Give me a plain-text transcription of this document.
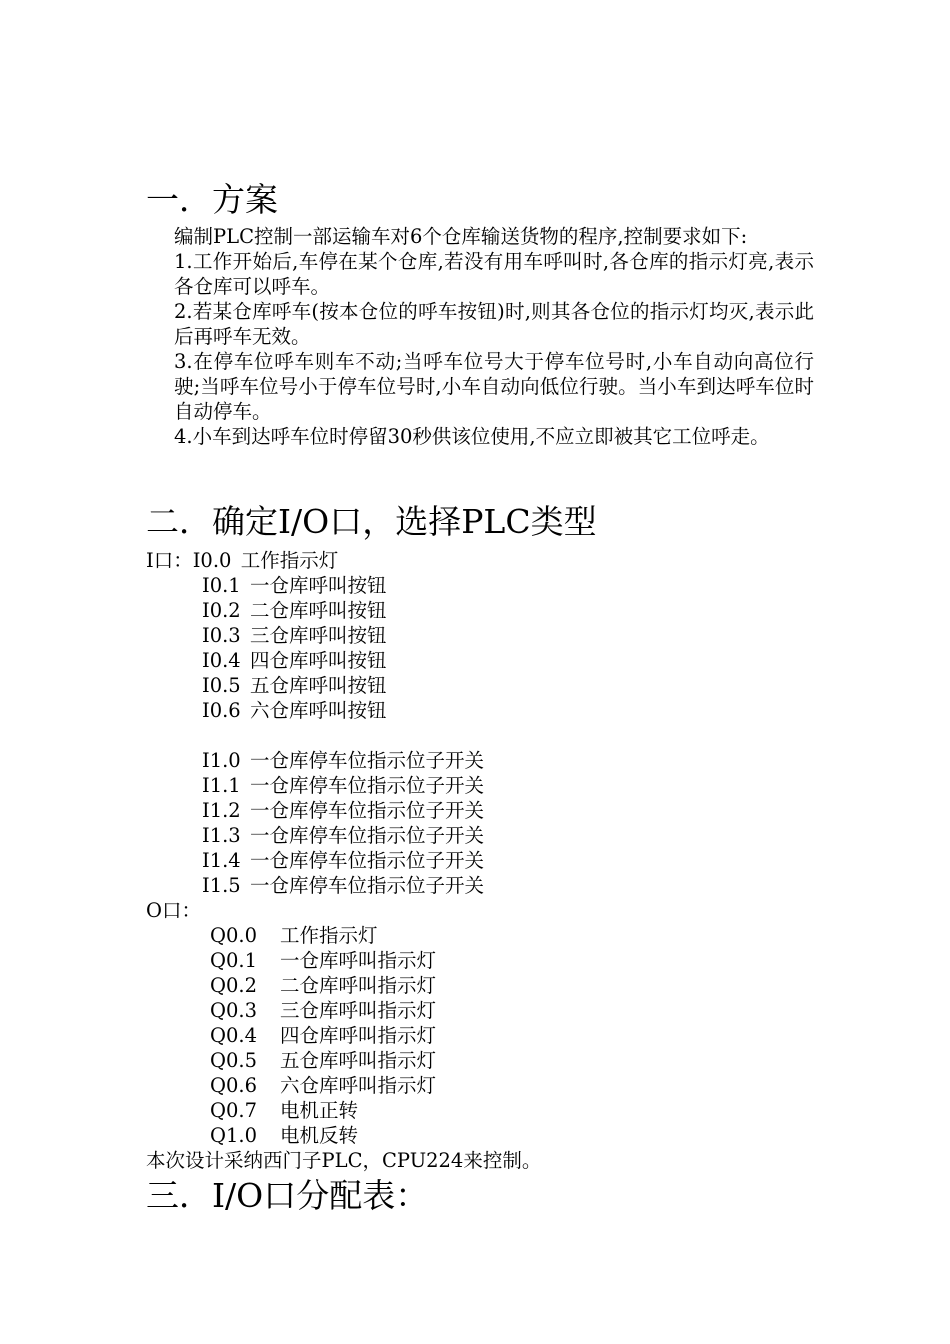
一．方案

编制PLC控制一部运输车对6个仓库输送货物的程序,控制要求如下:

1.工作开始后,车停在某个仓库,若没有用车呼叫时,各仓库的指示灯亮,表示各仓库可以呼车。

2.若某仓库呼车(按本仓位的呼车按钮)时,则其各仓位的指示灯均灭,表示此后再呼车无效。

3.在停车位呼车则车不动;当呼车位号大于停车位号时,小车自动向高位行驶;当呼车位号小于停车位号时,小车自动向低位行驶。当小车到达呼车位时自动停车。

4.小车到达呼车位时停留30秒供该位使用,不应立即被其它工位呼走。

二．确定I/O口，选择PLC类型
I口：I0.0工作指示灯
I0.1一仓库呼叫按钮
I0.2 二仓库呼叫按钮
I0.3 三仓库呼叫按钮
I0.4 四仓库呼叫按钮
I0.5 五仓库呼叫按钮
I0.6 六仓库呼叫按钮
I1.0 一仓库停车位指示位子开关
I1.1 一仓库停车位指示位子开关
I1.2 一仓库停车位指示位子开关
I1.3 一仓库停车位指示位子开关
I1.4 一仓库停车位指示位子开关
I1.5 一仓库停车位指示位子开关
O口：
Q0.0 工作指示灯
Q0.1 一仓库呼叫指示灯
Q0.2 二仓库呼叫指示灯
Q0.3 三仓库呼叫指示灯
Q0.4 四仓库呼叫指示灯
Q0.5 五仓库呼叫指示灯
Q0.6 六仓库呼叫指示灯
Q0.7 电机正转
Q1.0 电机反转
本次设计采纳西门子PLC，CPU224来控制。
三．I/O口分配表：
